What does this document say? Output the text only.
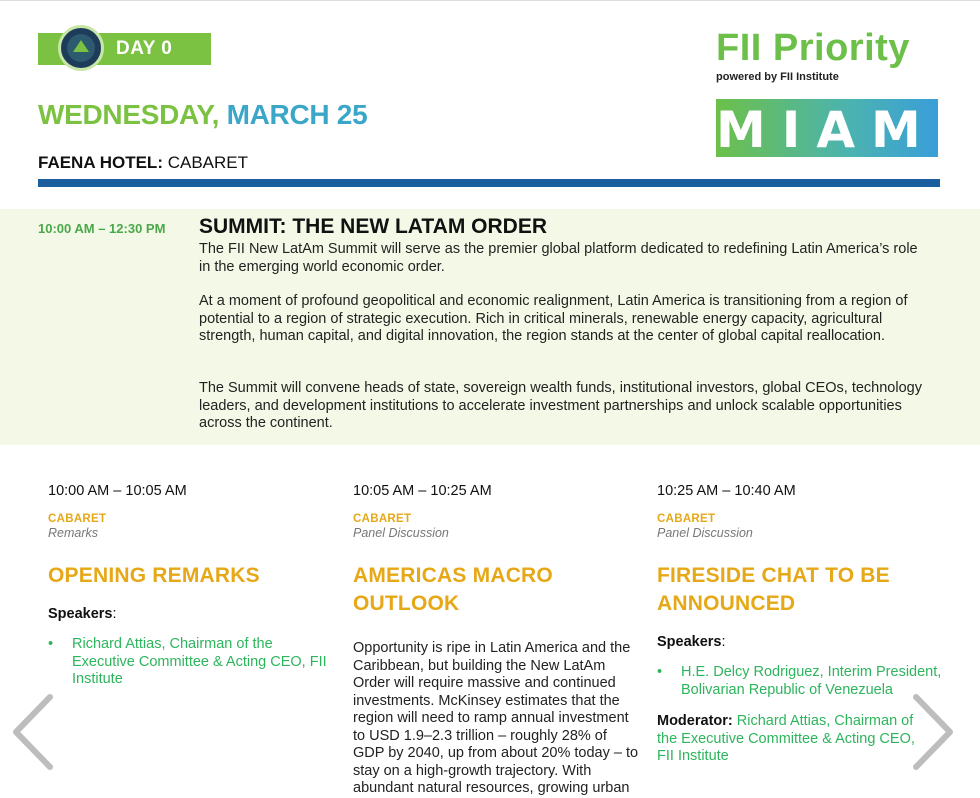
DAY 0
WEDNESDAY, MARCH 25
FAENA HOTEL: CABARET
FII Priority
powered by FII Institute
MIAMI
10:00 AM – 12:30 PM SUMMIT: THE NEW LATAM ORDER

The FII New LatAm Summit will serve as the premier global platform dedicated to redefining Latin America’s role in the emerging world economic order.

At a moment of profound geopolitical and economic realignment, Latin America is transitioning from a region of potential to a region of strategic execution. Rich in critical minerals, renewable energy capacity, agricultural strength, human capital, and digital innovation, the region stands at the center of global capital reallocation.

The Summit will convene heads of state, sovereign wealth funds, institutional investors, global CEOs, technology leaders, and development institutions to accelerate investment partnerships and unlock scalable opportunities across the continent.

10:00 AM – 10:05 AM
CABARET
Remarks
OPENING REMARKS
Speakers:
• Richard Attias, Chairman of the Executive Committee & Acting CEO, FII Institute
10:05 AM – 10:25 AM
CABARET
Panel Discussion
AMERICAS MACRO OUTLOOK

Opportunity is ripe in Latin America and the Caribbean, but building the New LatAm Order will require massive and continued investments. McKinsey estimates that the region will need to ramp annual investment to USD 1.9–2.3 trillion – roughly 28% of GDP by 2040, up from about 20% today – to stay on a high-growth trajectory. With abundant natural resources, growing urban

10:25 AM – 10:40 AM
CABARET
Panel Discussion
FIRESIDE CHAT TO BE ANNOUNCED
Speakers:
• H.E. Delcy Rodriguez, Interim President, Bolivarian Republic of Venezuela
Moderator: Richard Attias, Chairman of the Executive Committee & Acting CEO, FII Institute
